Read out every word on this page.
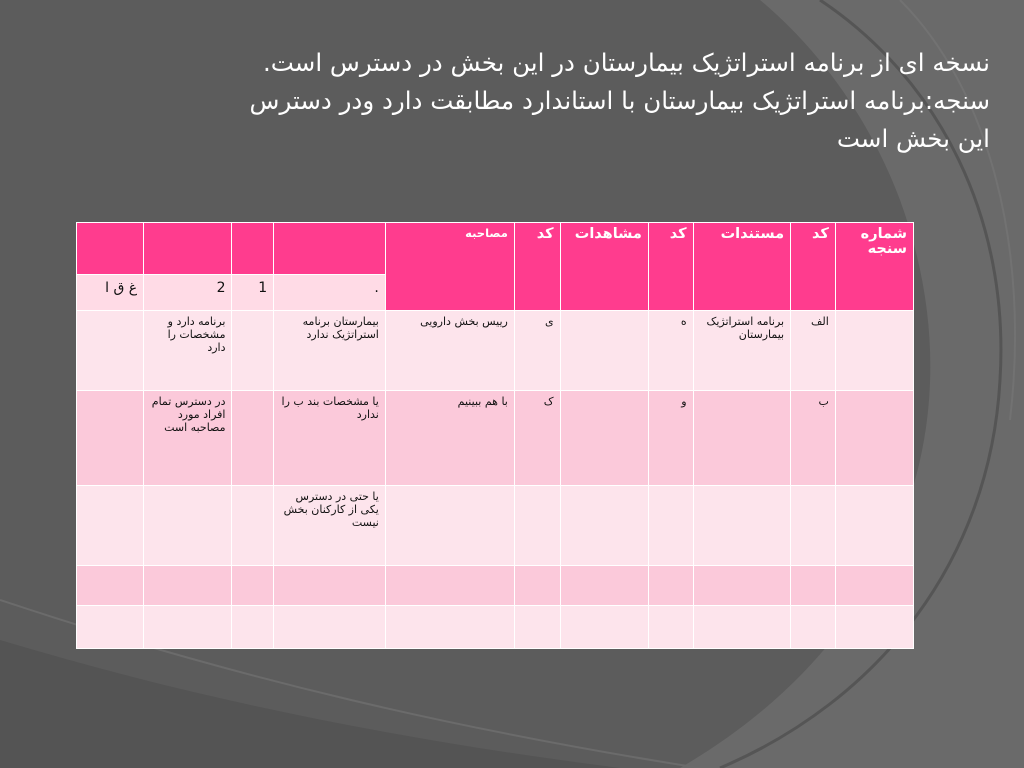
نسخه ای از برنامه استراتژیک بیمارستان در این بخش در دسترس است.
سنجه:برنامه استراتژیک بیمارستان با استاندارد مطابقت دارد ودر دسترس
این بخش است
شماره سنجه	کد	مستندات	کد	مشاهدات	کد	مصاحبه				
							.	1	2	غ ق ا
	الف	برنامه استراتژیک بیمارستان	ه		ی	رییس بخش دارویی	بیمارستان برنامه استراتژیک ندارد		برنامه دارد و مشخصات را دارد	
	ب		و		ک	با هم ببینیم	یا مشخصات بند ب را ندارد		در دسترس تمام افراد مورد مصاحبه است	
							یا حتی در دسترس یکی از کارکنان بخش نیست			
